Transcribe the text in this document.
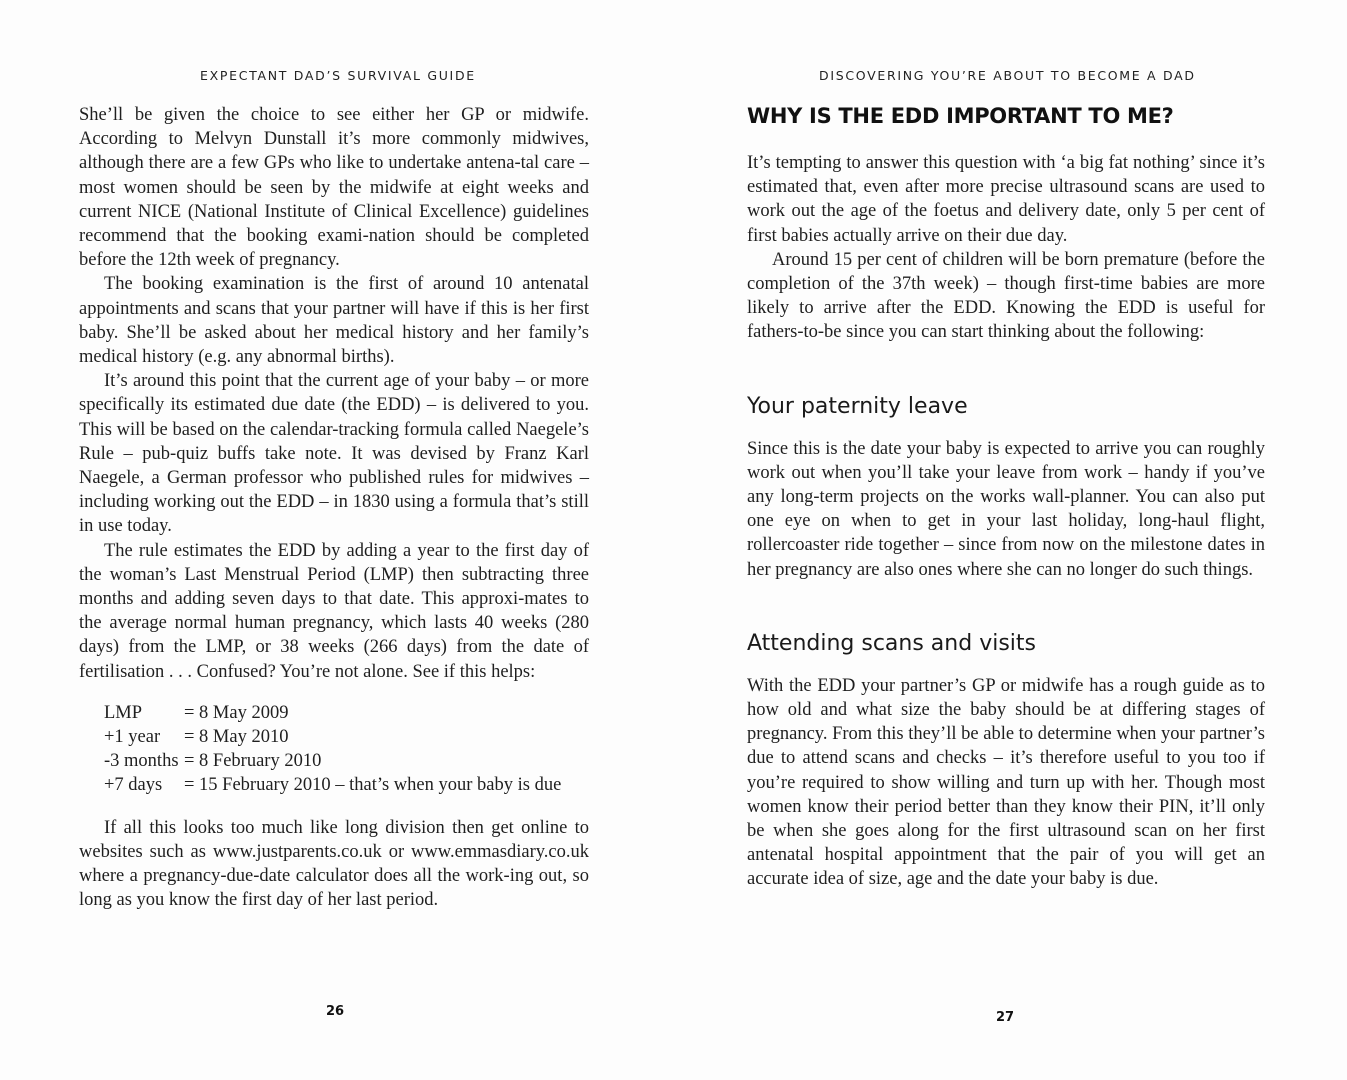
EXPECTANT DAD’S SURVIVAL GUIDE

She’ll be given the choice to see either her GP or midwife. According to Melvyn Dunstall it’s more commonly midwives, although there are a few GPs who like to undertake antena-tal care – most women should be seen by the midwife at eight weeks and current NICE (National Institute of Clinical Excellence) guidelines recommend that the booking exami-nation should be completed before the 12th week of pregnancy.

The booking examination is the first of around 10 antenatal appointments and scans that your partner will have if this is her first baby. She’ll be asked about her medical history and her family’s medical history (e.g. any abnormal births).

It’s around this point that the current age of your baby – or more specifically its estimated due date (the EDD) – is delivered to you. This will be based on the calendar-tracking formula called Naegele’s Rule – pub-quiz buffs take note. It was devised by Franz Karl Naegele, a German professor who published rules for midwives – including working out the EDD – in 1830 using a formula that’s still in use today.

The rule estimates the EDD by adding a year to the first day of the woman’s Last Menstrual Period (LMP) then subtracting three months and adding seven days to that date. This approxi-mates to the average normal human pregnancy, which lasts 40 weeks (280 days) from the LMP, or 38 weeks (266 days) from the date of fertilisation . . . Confused? You’re not alone. See if this helps:

LMP	= 8 May 2009
+1 year	= 8 May 2010
-3 months	= 8 February 2010
+7 days	= 15 February 2010 – that’s when your baby is due

If all this looks too much like long division then get online to websites such as www.justparents.co.uk or www.emmasdiary.co.uk where a pregnancy-due-date calculator does all the work-ing out, so long as you know the first day of her last period.

26
DISCOVERING YOU’RE ABOUT TO BECOME A DAD
WHY IS THE EDD IMPORTANT TO ME?

It’s tempting to answer this question with ‘a big fat nothing’ since it’s estimated that, even after more precise ultrasound scans are used to work out the age of the foetus and delivery date, only 5 per cent of first babies actually arrive on their due day.

Around 15 per cent of children will be born premature (before the completion of the 37th week) – though first-time babies are more likely to arrive after the EDD. Knowing the EDD is useful for fathers-to-be since you can start thinking about the following:

Your paternity leave

Since this is the date your baby is expected to arrive you can roughly work out when you’ll take your leave from work – handy if you’ve any long-term projects on the works wall-planner. You can also put one eye on when to get in your last holiday, long-haul flight, rollercoaster ride together – since from now on the milestone dates in her pregnancy are also ones where she can no longer do such things.

Attending scans and visits

With the EDD your partner’s GP or midwife has a rough guide as to how old and what size the baby should be at differing stages of pregnancy. From this they’ll be able to determine when your partner’s due to attend scans and checks – it’s therefore useful to you too if you’re required to show willing and turn up with her. Though most women know their period better than they know their PIN, it’ll only be when she goes along for the first ultrasound scan on her first antenatal hospital appointment that the pair of you will get an accurate idea of size, age and the date your baby is due.

27
